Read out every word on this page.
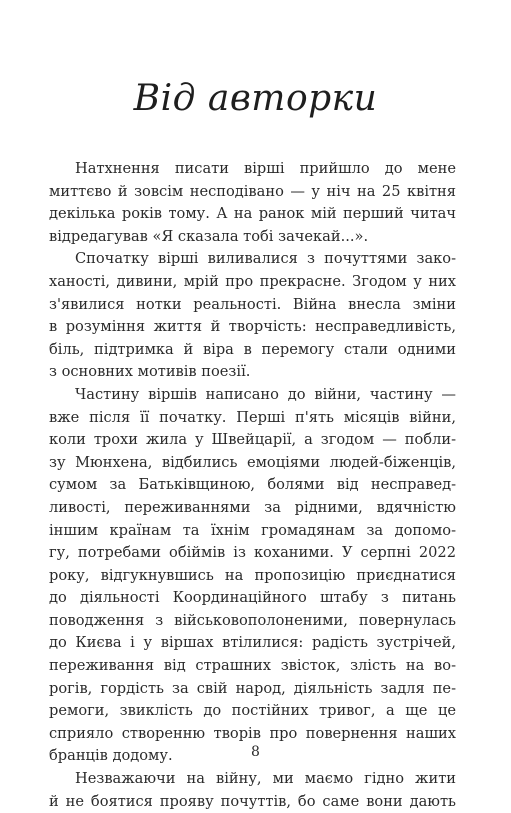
Від авторки

Натхнення писати вірші прийшло до мене
миттєво й зовсім несподівано — у ніч на 25 квітня
декілька років тому. А на ранок мій перший читач
відредагував «Я сказала тобі зачекай...».

Спочатку вірші виливалися з почуттями зако-
ханості, дивини, мрій про прекрасне. Згодом у них
з'явилися нотки реальності. Війна внесла зміни
в розуміння життя й творчість: несправедливість,
біль, підтримка й віра в перемогу стали одними
з основних мотивів поезії.

Частину віршів написано до війни, частину —
вже після її початку. Перші п'ять місяців війни,
коли трохи жила у Швейцарії, а згодом — побли-
зу Мюнхена, відбились емоціями людей-біженців,
сумом за Батьківщиною, болями від несправед-
ливості, переживаннями за рідними, вдячністю
іншим країнам та їхнім громадянам за допомо-
гу, потребами обіймів із коханими. У серпні 2022
року, відгукнувшись на пропозицію приєднатися
до діяльності Координаційного штабу з питань
поводження з військовополоненими, повернулась
до Києва і у віршах втілилися: радість зустрічей,
переживання від страшних звісток, злість на во-
рогів, гордість за свій народ, діяльність задля пе-
ремоги, звиклість до постійних тривог, а ще це
сприяло створенню творів про повернення наших
бранців додому.

Незважаючи на війну, ми маємо гідно жити
й не боятися прояву почуттів, бо саме вони дають

8
